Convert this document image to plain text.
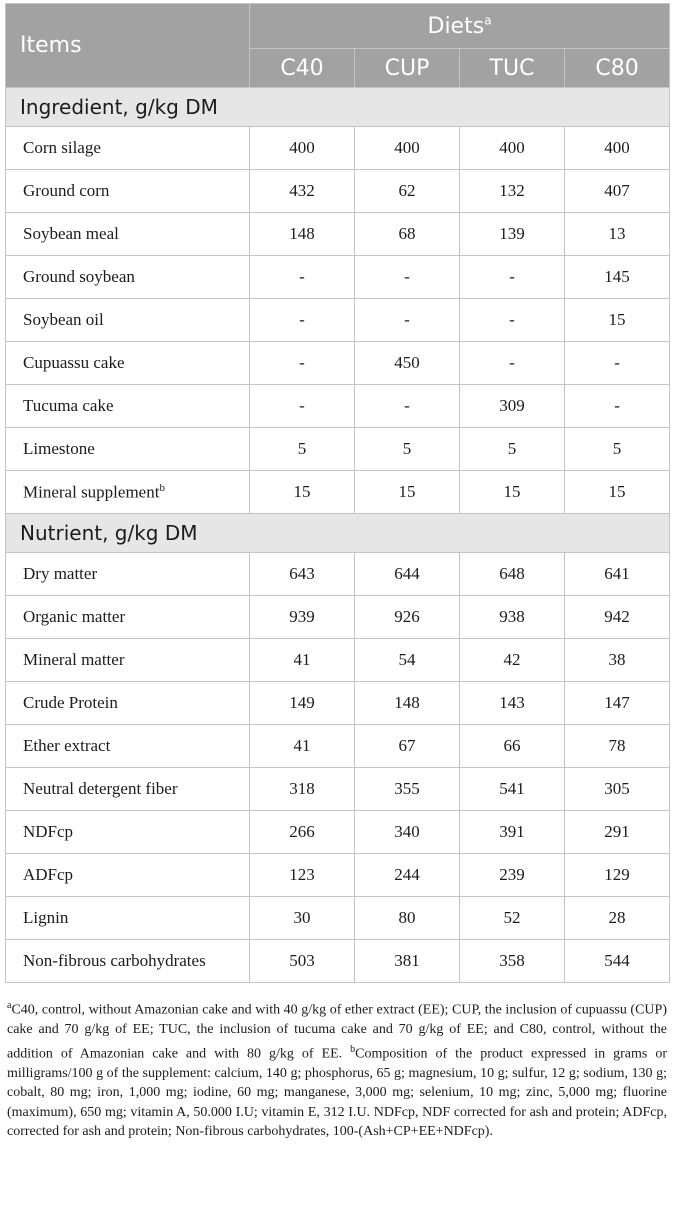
Items	Diets$^a$
	C40	CUP	TUC	C80
Ingredient, g/kg DM				
Corn silage	400	400	400	400
Ground corn	432	62	132	407
Soybean meal	148	68	139	13
Ground soybean	-	-	-	145
Soybean oil	-	-	-	15
Cupuassu cake	-	450	-	-
Tucuma cake	-	-	309	-
Limestone	5	5	5	5
Mineral supplement$^b$	15	15	15	15
Nutrient, g/kg DM				
Dry matter	643	644	648	641
Organic matter	939	926	938	942
Mineral matter	41	54	42	38
Crude Protein	149	148	143	147
Ether extract	41	67	66	78
Neutral detergent fiber	318	355	541	305
NDFcp	266	340	391	291
ADFcp	123	244	239	129
Lignin	30	80	52	28
Non-fibrous carbohydrates	503	381	358	544
$^a$C40, control, without Amazonian cake and with 40 g/kg of ether extract (EE); CUP, the inclusion of cupuassu (CUP) cake and 70 g/kg of EE; TUC, the inclusion of tucuma cake and 70 g/kg of EE; and C80, control, without the addition of Amazonian cake and with 80 g/kg of EE. $^b$Composition of the product expressed in grams or milligrams/100 g of the supplement: calcium, 140 g; phosphorus, 65 g; magnesium, 10 g; sulfur, 12 g; sodium, 130 g; cobalt, 80 mg; iron, 1,000 mg; iodine, 60 mg; manganese, 3,000 mg; selenium, 10 mg; zinc, 5,000 mg; fluorine (maximum), 650 mg; vitamin A, 50.000 I.U; vitamin E, 312 I.U. NDFcp, NDF corrected for ash and protein; ADFcp, corrected for ash and protein; Non-fibrous carbohydrates, 100-(Ash+CP+EE+NDFcp).
